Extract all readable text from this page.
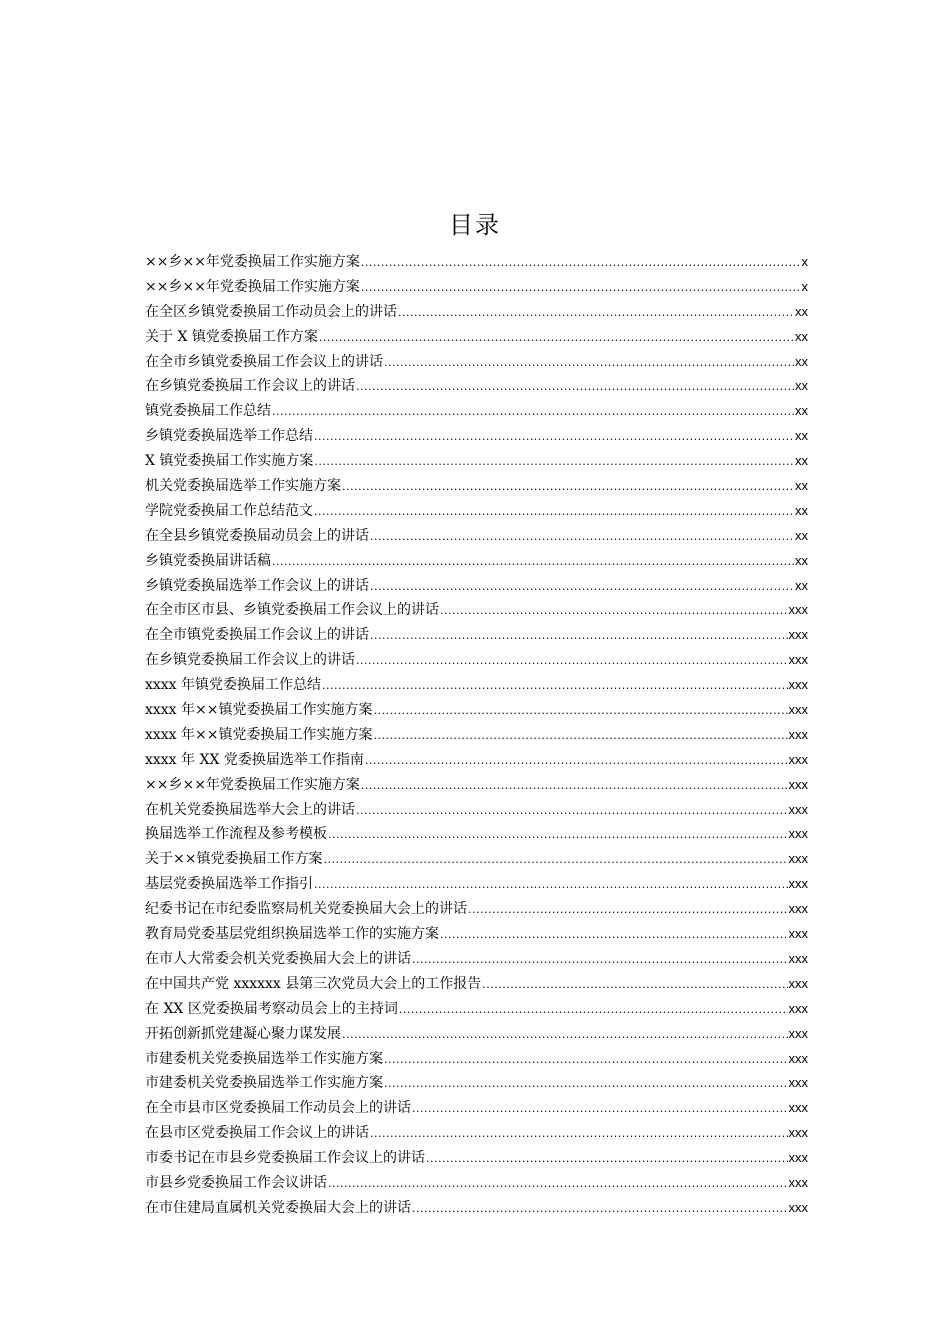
目录
××乡××年党委换届工作实施方案 .....	x
××乡××年党委换届工作实施方案 .....	x
在全区乡镇党委换届工作动员会上的讲话 .....	xx
关于 X 镇党委换届工作方案 .....	xx
在全市乡镇党委换届工作会议上的讲话 .....	xx
在乡镇党委换届工作会议上的讲话 .....	xx
镇党委换届工作总结 .....	xx
乡镇党委换届选举工作总结 .....	xx
X 镇党委换届工作实施方案 .....	xx
机关党委换届选举工作实施方案 .....	xx
学院党委换届工作总结范文 .....	xx
在全县乡镇党委换届动员会上的讲话 .....	xx
乡镇党委换届讲话稿 .....	xx
乡镇党委换届选举工作会议上的讲话 .....	xx
在全市区市县、乡镇党委换届工作会议上的讲话 .....	xxx
在全市镇党委换届工作会议上的讲话 .....	xxx
在乡镇党委换届工作会议上的讲话 .....	xxx
xxxx 年镇党委换届工作总结 .....	xxx
xxxx 年××镇党委换届工作实施方案 .....	xxx
xxxx 年××镇党委换届工作实施方案 .....	xxx
xxxx 年 XX 党委换届选举工作指南 .....	xxx
××乡××年党委换届工作实施方案 .....	xxx
在机关党委换届选举大会上的讲话 .....	xxx
换届选举工作流程及参考模板 .....	xxx
关于××镇党委换届工作方案 .....	xxx
基层党委换届选举工作指引 .....	xxx
纪委书记在市纪委监察局机关党委换届大会上的讲话 .....	xxx
教育局党委基层党组织换届选举工作的实施方案 .....	xxx
在市人大常委会机关党委换届大会上的讲话 .....	xxx
在中国共产党 xxxxxx 县第三次党员大会上的工作报告 .....	xxx
在 XX 区党委换届考察动员会上的主持词 .....	xxx
开拓创新抓党建凝心聚力谋发展 .....	xxx
市建委机关党委换届选举工作实施方案 .....	xxx
市建委机关党委换届选举工作实施方案 .....	xxx
在全市县市区党委换届工作动员会上的讲话 .....	xxx
在县市区党委换届工作会议上的讲话 .....	xxx
市委书记在市县乡党委换届工作会议上的讲话 .....	xxx
市县乡党委换届工作会议讲话 .....	xxx
在市住建局直属机关党委换届大会上的讲话 .....	xxx
